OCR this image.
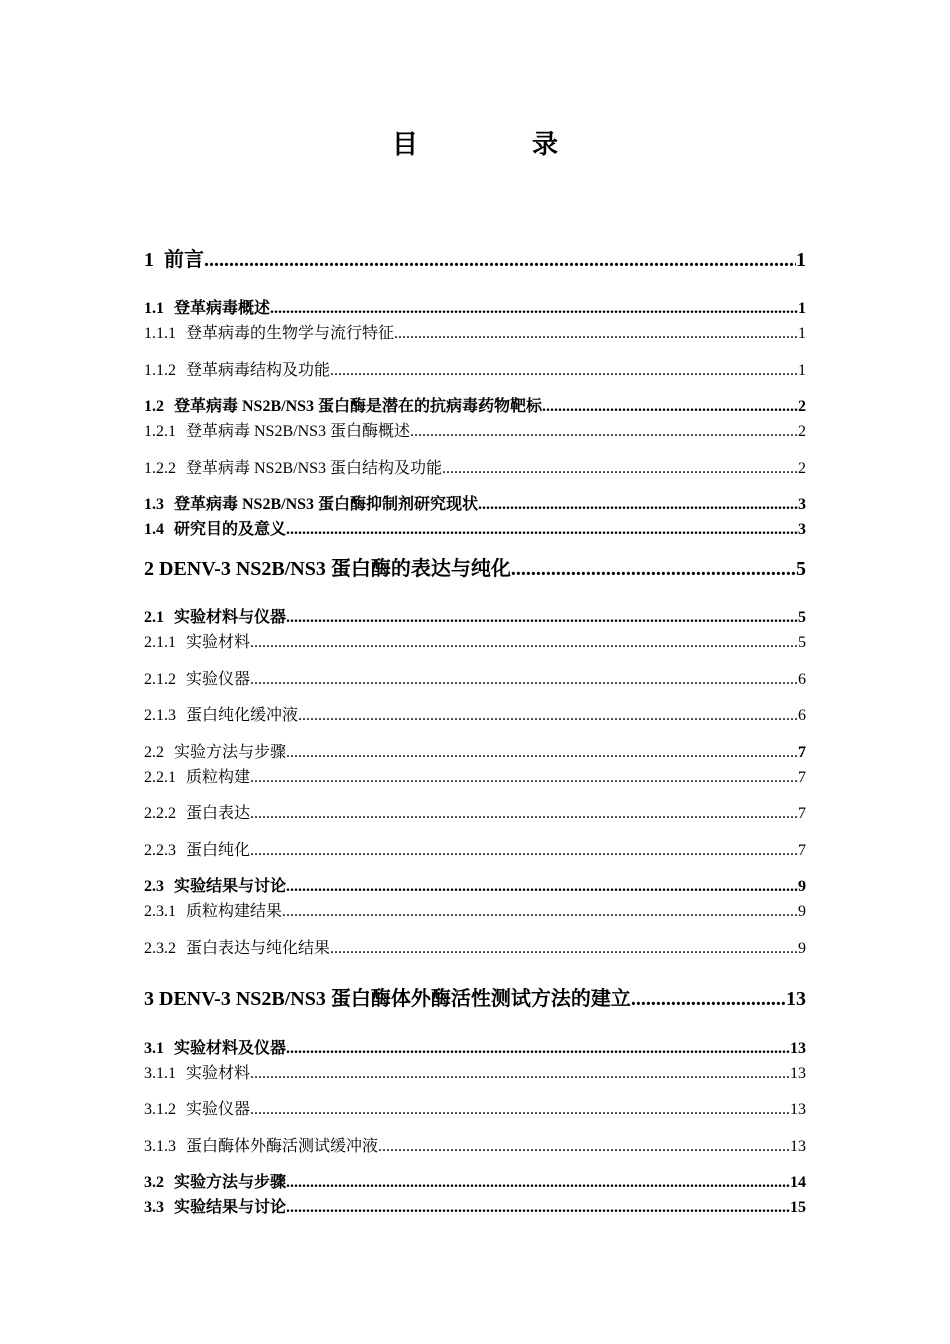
目　录
1 前言 .....	1
1.1 登革病毒概述 .....	1
1.1.1 登革病毒的生物学与流行特征 .....	1
1.1.2 登革病毒结构及功能 .....	1
1.2 登革病毒 NS2B/NS3 蛋白酶是潜在的抗病毒药物靶标 .....	2
1.2.1 登革病毒 NS2B/NS3 蛋白酶概述 .....	2
1.2.2 登革病毒 NS2B/NS3 蛋白结构及功能 .....	2
1.3 登革病毒 NS2B/NS3 蛋白酶抑制剂研究现状 .....	3
1.4 研究目的及意义 .....	3
2 DENV-3 NS2B/NS3 蛋白酶的表达与纯化 .....	5
2.1 实验材料与仪器 .....	5
2.1.1 实验材料 .....	5
2.1.2 实验仪器 .....	6
2.1.3 蛋白纯化缓冲液 .....	6
2.2 实验方法与步骤 .....	7
2.2.1 质粒构建 .....	7
2.2.2 蛋白表达 .....	7
2.2.3 蛋白纯化 .....	7
2.3 实验结果与讨论 .....	9
2.3.1 质粒构建结果 .....	9
2.3.2 蛋白表达与纯化结果 .....	9
3 DENV-3 NS2B/NS3 蛋白酶体外酶活性测试方法的建立 .....	13
3.1 实验材料及仪器 .....	13
3.1.1 实验材料 .....	13
3.1.2 实验仪器 .....	13
3.1.3 蛋白酶体外酶活测试缓冲液 .....	13
3.2 实验方法与步骤 .....	14
3.3 实验结果与讨论 .....	15
